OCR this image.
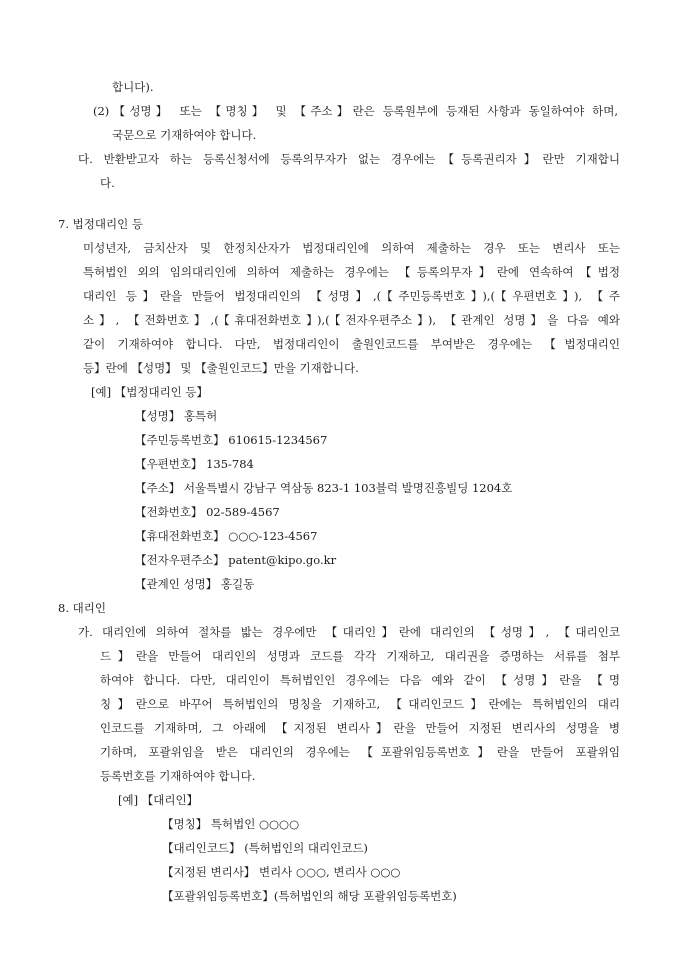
합니다).
(2)【성명】 또는 【명칭】 및 【주소】란은 등록원부에 등재된 사항과 동일하여야 하며,
국문으로 기재하여야 합니다.
다. 반환받고자 하는 등록신청서에 등록의무자가 없는 경우에는【등록권리자】란만 기재합니
다.
7. 법정대리인 등
미성년자, 금치산자 및 한정치산자가 법정대리인에 의하여 제출하는 경우 또는 변리사 또는
특허법인 외의 임의대리인에 의하여 제출하는 경우에는 【등록의무자】란에 연속하여【법정
대리인 등】란을 만들어 법정대리인의 【성명】,(【주민등록번호】),(【우편번호】), 【주
소】, 【전화번호】,(【휴대전화번호】),(【전자우편주소】), 【관계인 성명】을 다음 예와
같이 기재하여야 합니다. 다만, 법정대리인이 출원인코드를 부여받은 경우에는 【법정대리인
등】란에 【성명】 및 【출원인코드】만을 기재합니다.
[예] 【법정대리인 등】
【성명】 홍특허
【주민등록번호】 610615-1234567
【우편번호】 135-784
【주소】 서울특별시 강남구 역삼동 823-1 103블럭 발명진흥빌딩 1204호
【전화번호】 02-589-4567
【휴대전화번호】 ○○○-123-4567
【전자우편주소】 patent@kipo.go.kr
【관계인 성명】 홍길동
8. 대리인
가. 대리인에 의하여 절차를 밟는 경우에만 【대리인】란에 대리인의 【성명】, 【대리인코
드】란을 만들어 대리인의 성명과 코드를 각각 기재하고, 대리권을 증명하는 서류를 첨부
하여야 합니다. 다만, 대리인이 특허법인인 경우에는 다음 예와 같이 【성명】란을 【명
칭】란으로 바꾸어 특허법인의 명칭을 기재하고, 【대리인코드】란에는 특허법인의 대리
인코드를 기재하며, 그 아래에 【지정된 변리사】란을 만들어 지정된 변리사의 성명을 병
기하며, 포괄위임을 받은 대리인의 경우에는 【포괄위임등록번호】란을 만들어 포괄위임
등록번호를 기재하여야 합니다.
[예] 【대리인】
【명칭】 특허법인 ○○○○
【대리인코드】 (특허법인의 대리인코드)
【지정된 변리사】 변리사 ○○○, 변리사 ○○○
【포괄위임등록번호】(특허법인의 해당 포괄위임등록번호)
